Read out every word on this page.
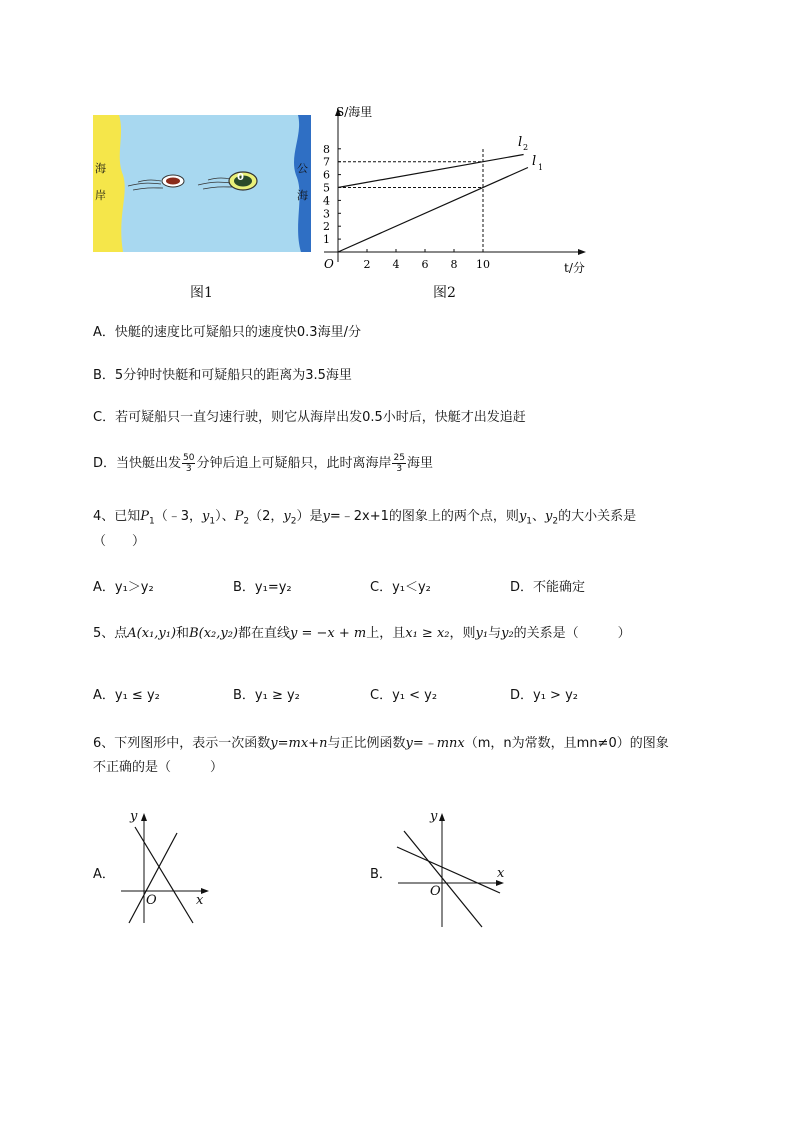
0
海
岸
公
海
图1
1
2
3
4
5
6
7
8
2 4 6 8 10
S/海里
t/分
O
l 2
l 1
图2
A．快艇的速度比可疑船只的速度快0.3海里/分
B．5分钟时快艇和可疑船只的距离为3.5海里
C．若可疑船只一直匀速行驶，则它从海岸出发0.5小时后，快艇才出发追赶
D．当快艇出发 $\frac{50}{3}$ 分钟后追上可疑船只，此时离海岸 $\frac{25}{3}$ 海里
4、已知$P_1(﹣3$，$y_1$）、$P_2(2$，$y_2$）是y=﹣2x+1的图象上的两个点，则$y_1$、$y_2$的大小关系是
（　　）
A．y₁＞y₂	B．y₁=y₂	C．y₁＜y₂	D．不能确定
5、点A(x₁,y₁)和B(x₂,y₂)都在直线y = −x + m上，且x₁ ≥ x₂，则y₁与y₂的关系是（　　　）
A．y₁ ≤ y₂	B．y₁ ≥ y₂	C．y₁ < y₂	D．y₁ > y₂
6、下列图形中，表示一次函数y=mx+n与正比例函数y=﹣mnx（m，n为常数，且mn≠0）的图象
不正确的是（　　　）
A．
y
x
O
B．
y
x
O
